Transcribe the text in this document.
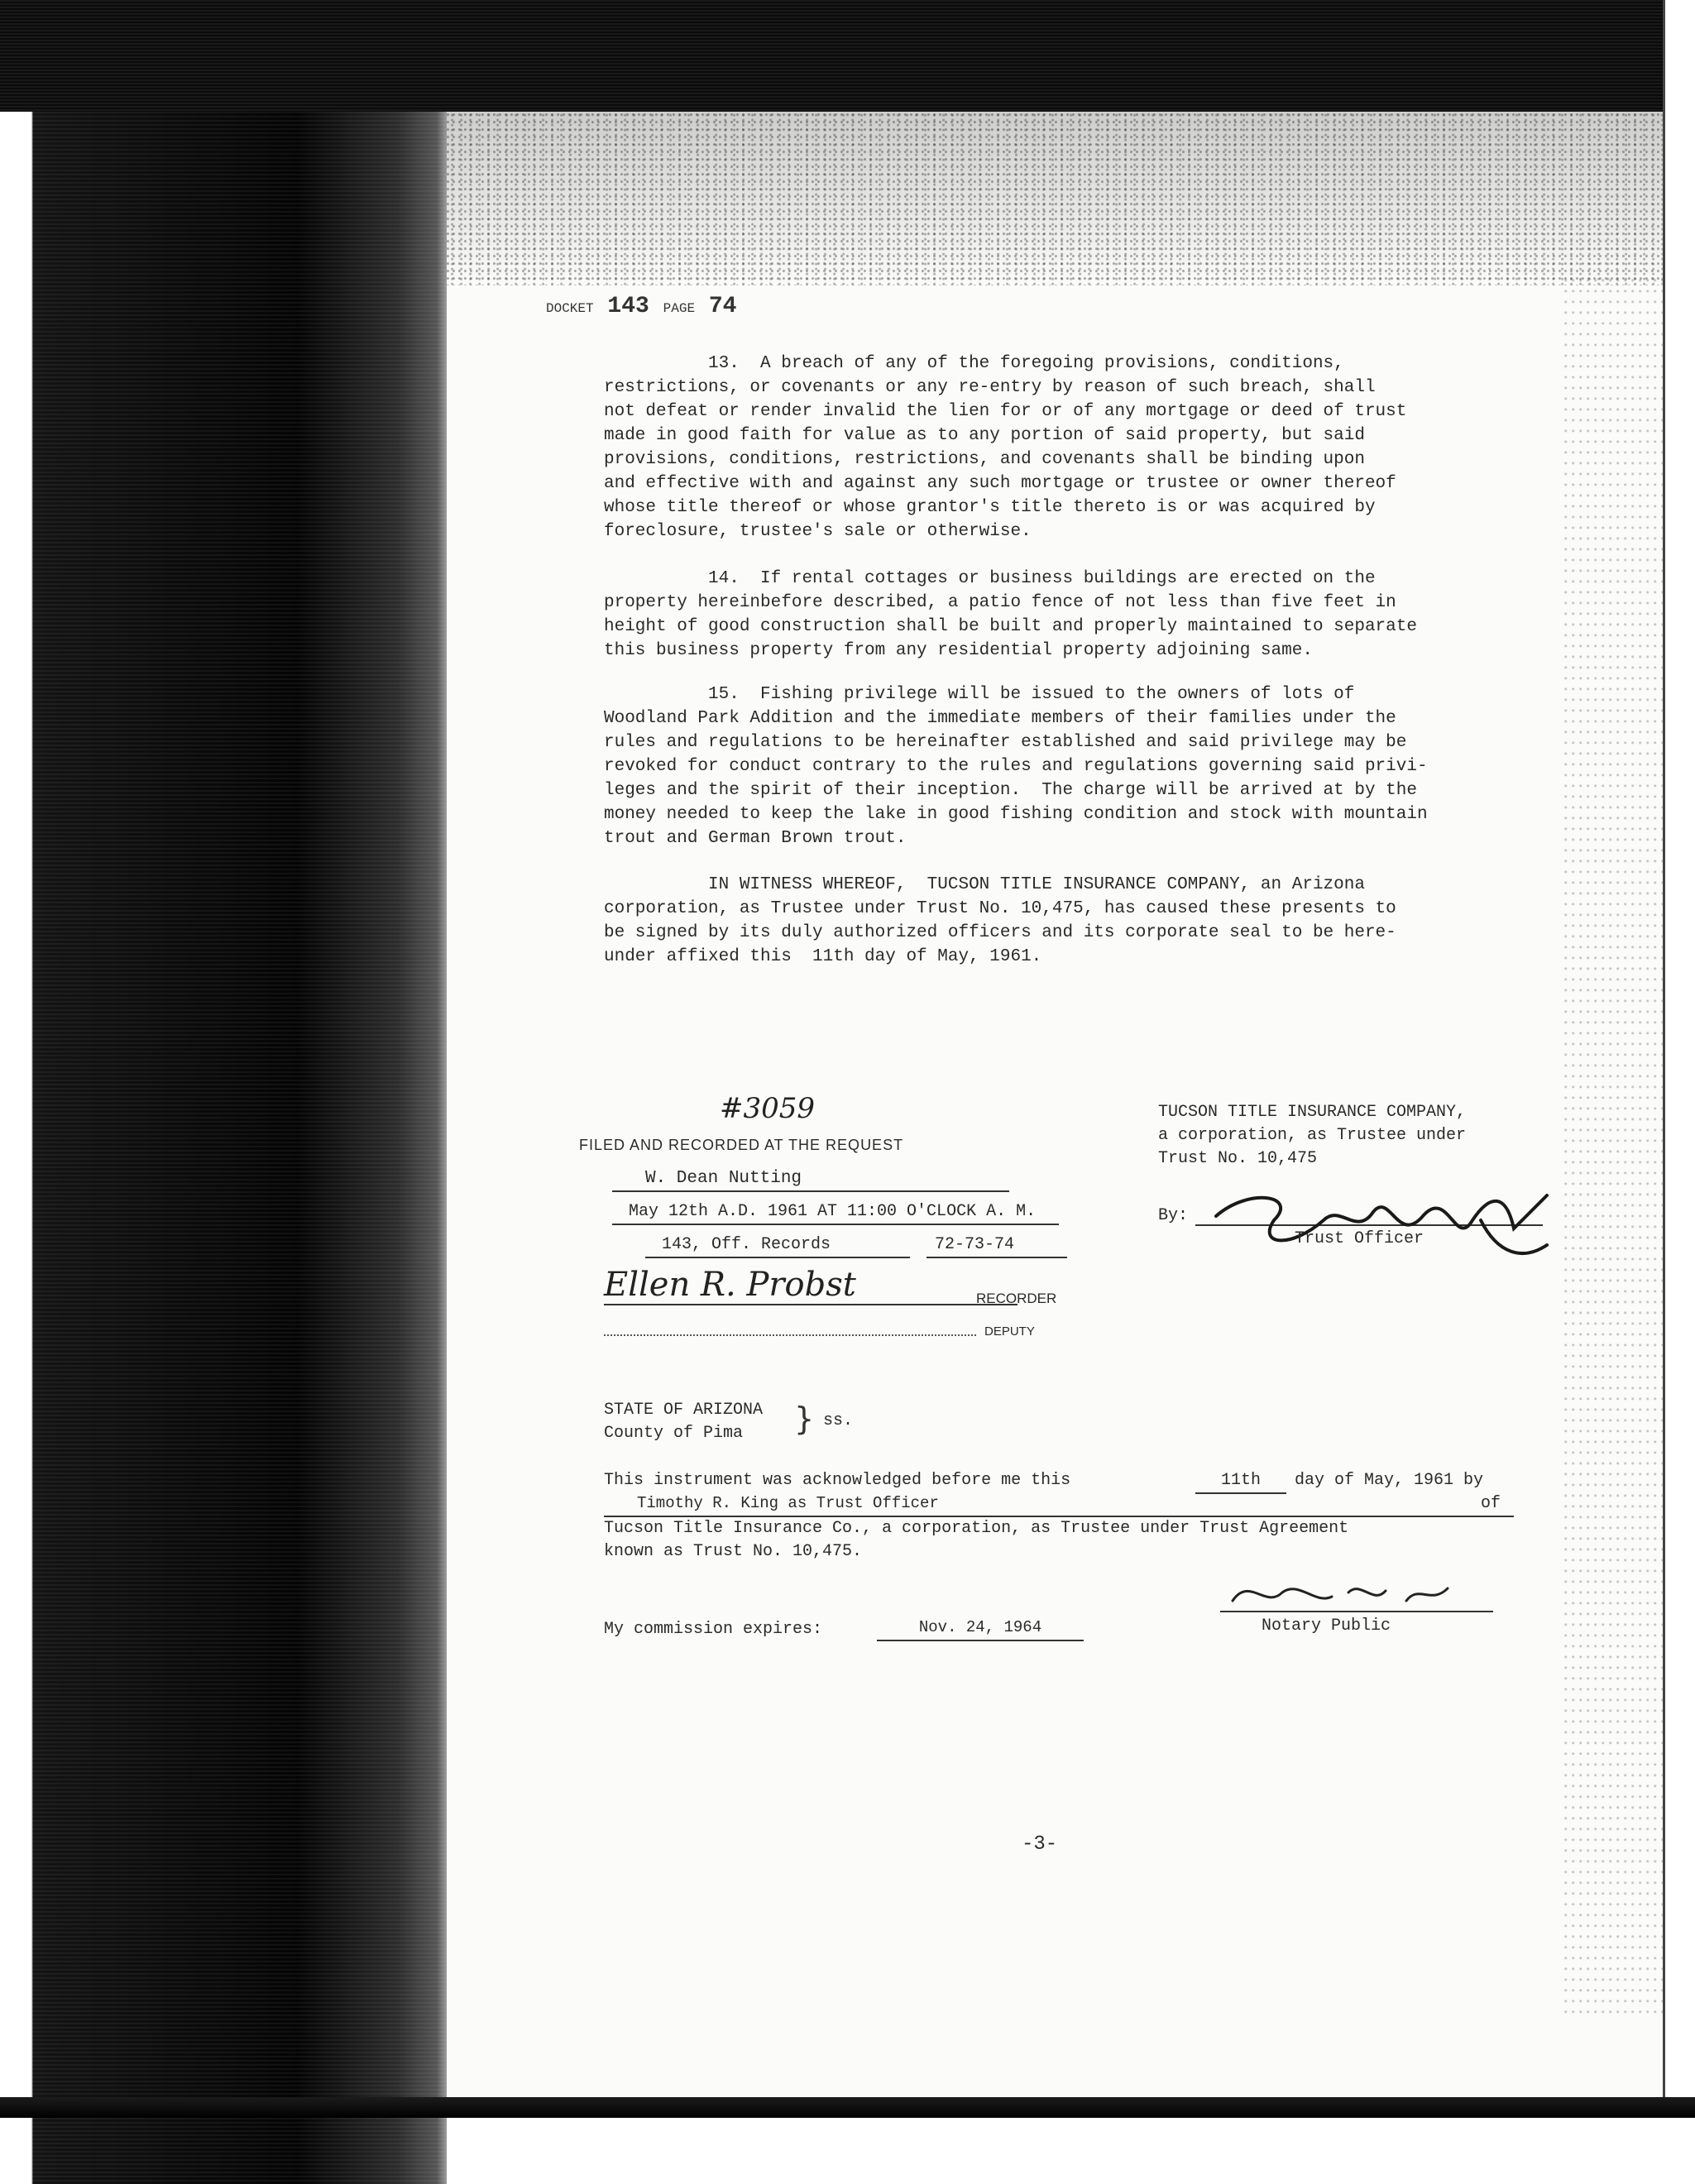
DOCKET 143 PAGE 74
13.  A breach of any of the foregoing provisions, conditions,
restrictions, or covenants or any re-entry by reason of such breach, shall
not defeat or render invalid the lien for or of any mortgage or deed of trust
made in good faith for value as to any portion of said property, but said
provisions, conditions, restrictions, and covenants shall be binding upon
and effective with and against any such mortgage or trustee or owner thereof
whose title thereof or whose grantor's title thereto is or was acquired by
foreclosure, trustee's sale or otherwise.
14.  If rental cottages or business buildings are erected on the
property hereinbefore described, a patio fence of not less than five feet in
height of good construction shall be built and properly maintained to separate
this business property from any residential property adjoining same.
15.  Fishing privilege will be issued to the owners of lots of
Woodland Park Addition and the immediate members of their families under the
rules and regulations to be hereinafter established and said privilege may be
revoked for conduct contrary to the rules and regulations governing said privi-
leges and the spirit of their inception.  The charge will be arrived at by the
money needed to keep the lake in good fishing condition and stock with mountain
trout and German Brown trout.
IN WITNESS WHEREOF,  TUCSON TITLE INSURANCE COMPANY, an Arizona
corporation, as Trustee under Trust No. 10,475, has caused these presents to
be signed by its duly authorized officers and its corporate seal to be here-
under affixed this  11th day of May, 1961.
#3059
FILED AND RECORDED AT THE REQUEST
W. Dean Nutting
May 12th A.D. 1961 AT 11:00 O'CLOCK A. M.
143, Off. Records	72-73-74
Ellen R. Probst	RECORDER
DEPUTY
TUCSON TITLE INSURANCE COMPANY,
a corporation, as Trustee under
Trust No. 10,475
By:
Trust Officer
STATE OF ARIZONA
County of Pima } ss.
This instrument was acknowledged before me this	11th	day of May, 1961 by
Timothy R. King as Trust Officer	of
Tucson Title Insurance Co., a corporation, as Trustee under Trust Agreement
known as Trust No. 10,475.
My commission expires:	Nov. 24, 1964	Notary Public
-3-
